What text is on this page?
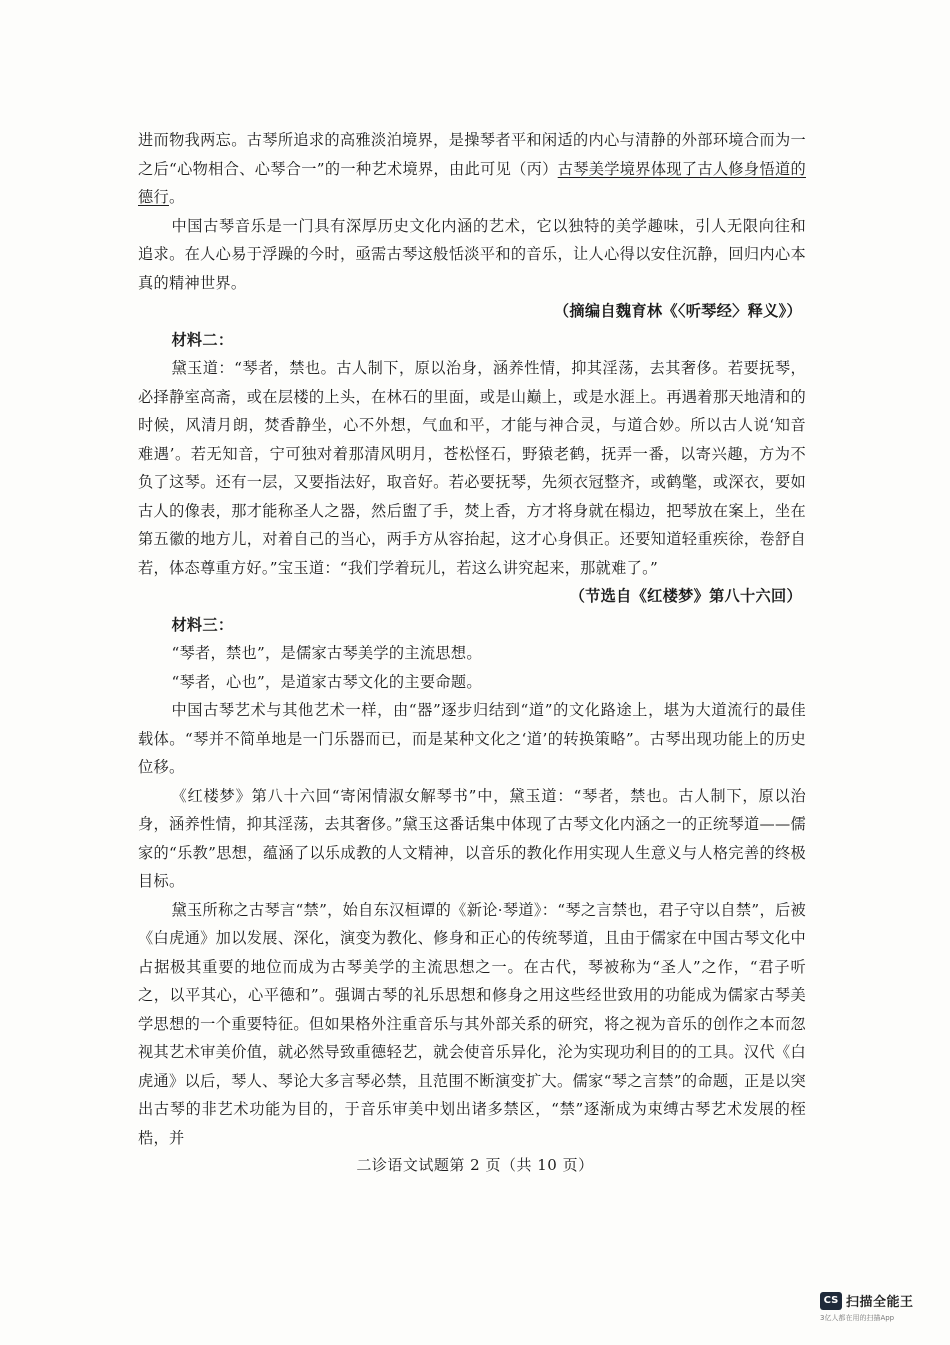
进而物我两忘。古琴所追求的高雅淡泊境界，是操琴者平和闲适的内心与清静的外部环境合而为一之后“心物相合、心琴合一”的一种艺术境界，由此可见（丙）古琴美学境界体现了古人修身悟道的德行。

中国古琴音乐是一门具有深厚历史文化内涵的艺术，它以独特的美学趣味，引人无限向往和追求。在人心易于浮躁的今时，亟需古琴这般恬淡平和的音乐，让人心得以安住沉静，回归内心本真的精神世界。

（摘编自魏育林《〈听琴经〉释义》）

材料二：

黛玉道：“琴者，禁也。古人制下，原以治身，涵养性情，抑其淫荡，去其奢侈。若要抚琴，必择静室高斋，或在层楼的上头，在林石的里面，或是山巅上，或是水涯上。再遇着那天地清和的时候，风清月朗，焚香静坐，心不外想，气血和平，才能与神合灵，与道合妙。所以古人说‘知音难遇’。若无知音，宁可独对着那清风明月，苍松怪石，野猿老鹤，抚弄一番，以寄兴趣，方为不负了这琴。还有一层，又要指法好，取音好。若必要抚琴，先须衣冠整齐，或鹤氅，或深衣，要如古人的像表，那才能称圣人之器，然后盥了手，焚上香，方才将身就在榻边，把琴放在案上，坐在第五徽的地方儿，对着自己的当心，两手方从容抬起，这才心身俱正。还要知道轻重疾徐，卷舒自若，体态尊重方好。”宝玉道：“我们学着玩儿，若这么讲究起来，那就难了。”

（节选自《红楼梦》第八十六回）

材料三：

“琴者，禁也”，是儒家古琴美学的主流思想。

“琴者，心也”，是道家古琴文化的主要命题。

中国古琴艺术与其他艺术一样，由“器”逐步归结到“道”的文化路途上，堪为大道流行的最佳载体。“琴并不简单地是一门乐器而已，而是某种文化之‘道’的转换策略”。古琴出现功能上的历史位移。

《红楼梦》第八十六回“寄闲情淑女解琴书”中，黛玉道：“琴者，禁也。古人制下，原以治身，涵养性情，抑其淫荡，去其奢侈。”黛玉这番话集中体现了古琴文化内涵之一的正统琴道——儒家的“乐教”思想，蕴涵了以乐成教的人文精神，以音乐的教化作用实现人生意义与人格完善的终极目标。

黛玉所称之古琴言“禁”，始自东汉桓谭的《新论·琴道》：“琴之言禁也，君子守以自禁”，后被《白虎通》加以发展、深化，演变为教化、修身和正心的传统琴道，且由于儒家在中国古琴文化中占据极其重要的地位而成为古琴美学的主流思想之一。在古代，琴被称为“圣人”之作，“君子听之，以平其心，心平德和”。强调古琴的礼乐思想和修身之用这些经世致用的功能成为儒家古琴美学思想的一个重要特征。但如果格外注重音乐与其外部关系的研究，将之视为音乐的创作之本而忽视其艺术审美价值，就必然导致重德轻艺，就会使音乐异化，沦为实现功利目的的工具。汉代《白虎通》以后，琴人、琴论大多言琴必禁，且范围不断演变扩大。儒家“琴之言禁”的命题，正是以突出古琴的非艺术功能为目的，于音乐审美中划出诸多禁区，“禁”逐渐成为束缚古琴艺术发展的桎梏，并

二诊语文试题第 2 页（共 10 页）
CS 扫描全能王
3亿人都在用的扫描App
